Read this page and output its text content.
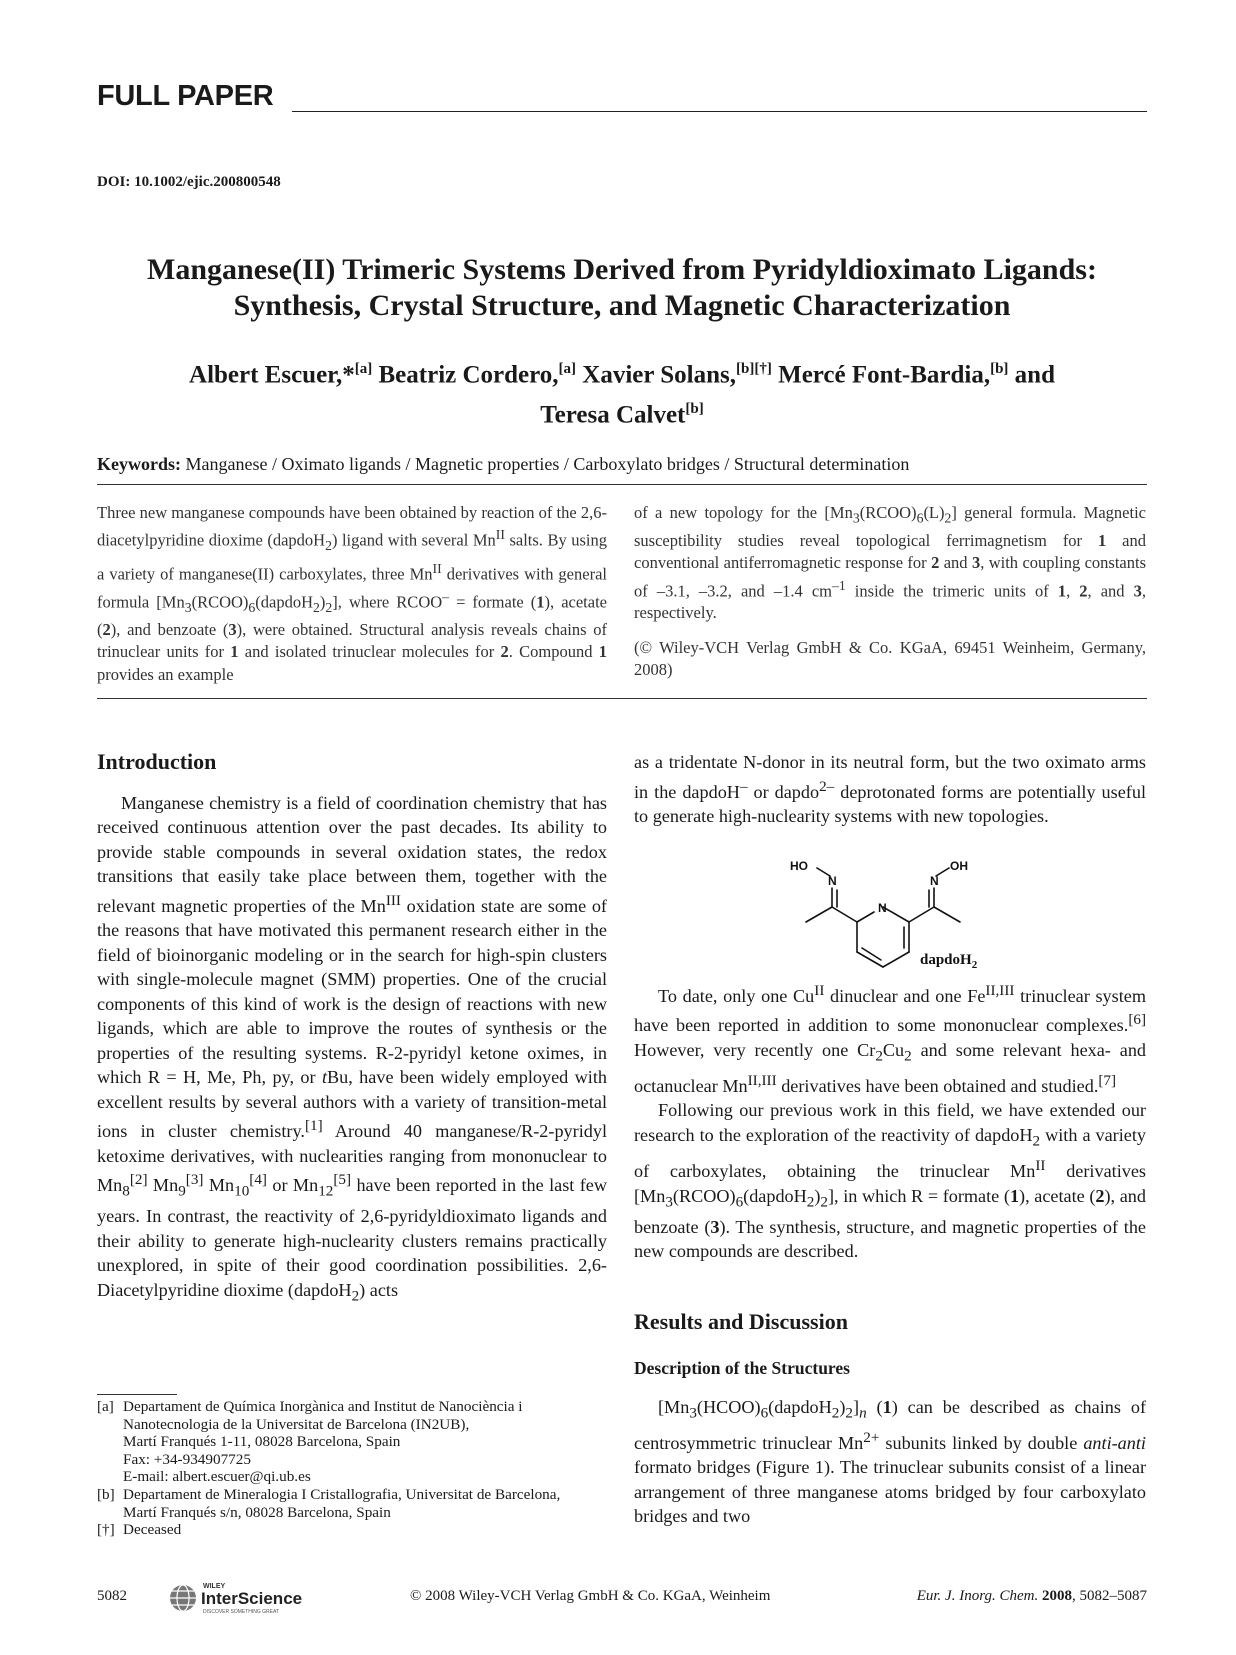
FULL PAPER
DOI: 10.1002/ejic.200800548
Manganese(II) Trimeric Systems Derived from Pyridyldioximato Ligands:
Synthesis, Crystal Structure, and Magnetic Characterization
Albert Escuer,*[a] Beatriz Cordero,[a] Xavier Solans,[b][†] Mercé Font-Bardia,[b] and
Teresa Calvet[b]
Keywords: Manganese / Oximato ligands / Magnetic properties / Carboxylato bridges / Structural determination

Three new manganese compounds have been obtained by reaction of the 2,6-diacetylpyridine dioxime (dapdoH$_2$) ligand with several $Mn^{II}$ salts. By using a variety of manganese(II) carboxylates, three $Mn^{II}$ derivatives with general formula $[Mn_3(RCOO)_6(dapdoH_2)_2]$, where RCOO– = formate (1), acetate (2), and benzoate (3), were obtained. Structural analysis reveals chains of trinuclear units for 1 and isolated trinuclear molecules for 2. Compound 1 provides an example

of a new topology for the $[Mn_3(RCOO)_6(L)_2]$ general formula. Magnetic susceptibility studies reveal topological ferrimagnetism for 1 and conventional antiferromagnetic response for 2 and 3, with coupling constants of –3.1, –3.2, and –1.4 $cm^{-1}$ inside the trimeric units of 1, 2, and 3, respectively.

(© Wiley-VCH Verlag GmbH & Co. KGaA, 69451 Weinheim, Germany, 2008)

Introduction

Manganese chemistry is a field of coordination chemistry that has received continuous attention over the past decades. Its ability to provide stable compounds in several oxidation states, the redox transitions that easily take place between them, together with the relevant magnetic properties of the $Mn^{III}$ oxidation state are some of the reasons that have motivated this permanent research either in the field of bioinorganic modeling or in the search for high-spin clusters with single-molecule magnet (SMM) properties. One of the crucial components of this kind of work is the design of reactions with new ligands, which are able to improve the routes of synthesis or the properties of the resulting systems. R-2-pyridyl ketone oximes, in which R = H, Me, Ph, py, or tBu, have been widely employed with excellent results by several authors with a variety of transition-metal ions in cluster chemistry.[1] Around 40 manganese/R-2-pyridyl ketoxime derivatives, with nuclearities ranging from mononuclear to $Mn_8[2]$ $Mn_9[3]$ $Mn_{10}[4]$ or $Mn_{12}[5]$ have been reported in the last few years. In contrast, the reactivity of 2,6-pyridyldioximato ligands and their ability to generate high-nuclearity clusters remains practically unexplored, in spite of their good coordination possibilities. 2,6-Diacetylpyridine dioxime (dapdoH$_2$) acts

as a tridentate N-donor in its neutral form, but the two oximato arms in the dapdoH– or dapdo$^{2-}$ deprotonated forms are potentially useful to generate high-nuclearity systems with new topologies.

To date, only one $Cu^{II}$ dinuclear and one $Fe^{II,III}$ trinuclear system have been reported in addition to some mononuclear complexes.[6] However, very recently one $Cr_2Cu_2$ and some relevant hexa- and octanuclear $Mn^{II,III}$ derivatives have been obtained and studied.[7]

Following our previous work in this field, we have extended our research to the exploration of the reactivity of dapdoH$_2$ with a variety of carboxylates, obtaining the trinuclear $Mn^{II}$ derivatives $[Mn_3(RCOO)_6(dapdoH_2)_2]$, in which R = formate (1), acetate (2), and benzoate (3). The synthesis, structure, and magnetic properties of the new compounds are described.

Results and Discussion
Description of the Structures

$[Mn_3(HCOO)_6(dapdoH_2)_2]_n$ (1) can be described as chains of centrosymmetric trinuclear $Mn^{2+}$ subunits linked by double anti-anti formato bridges (Figure 1). The trinuclear subunits consist of a linear arrangement of three manganese atoms bridged by four carboxylato bridges and two

HO
N
N
N
OH
dapdoH$_2$
[a] Departament de Química Inorgànica and Institut de Nanociència i Nanotecnologia de la Universitat de Barcelona (IN2UB),
Martí Franqués 1-11, 08028 Barcelona, Spain
Fax: +34-934907725
E-mail: albert.escuer@qi.ub.es
[b] Departament de Mineralogia I Cristallografia, Universitat de Barcelona,
Martí Franqués s/n, 08028 Barcelona, Spain
[†] Deceased
5082
WILEY
InterScience
DISCOVER SOMETHING GREAT
© 2008 Wiley-VCH Verlag GmbH & Co. KGaA, Weinheim	Eur. J. Inorg. Chem. 2008, 5082–5087
